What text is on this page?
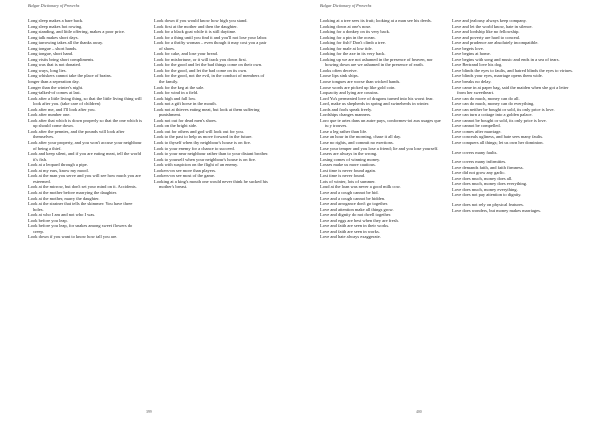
Bulgar Dictionary of Proverbs

Long sleep makes a bare back.

Long sleep makes hot rowing.

Long standing, and little offering, makes a poor price.

Long talk makes short days.

Long tarrowing takes all the thanks away.

Long tongue – short hands.

Long tongue, short hand.

Long visits bring short compliments.

Long was that is not donated.

Long ways, long lies.

Long whiskers cannot take the place of brains.

longer than a seperation day.

Longer than the winter's night.

Long-talked-of comes at last.

Look after a little living thing, so that the little living thing will look after you. (take care of children)

Look after me, and I'll look after you.

Look after number one.

Look after that which is down properly so that the one which is up should come down.

Look after the pennies, and the pounds will look after themselves.

Look after your property, and you won't accuse your neighbour of being a thief.

Look and keep silent, and if you are eating meat, tell the world it's fish.

Look at a leopard through a pipe.

Look at my ears, know my mood.

Look at the man you serve and you will see how much you are esteemed.

Look at the mirrow, but don't set your mind on it. Accidents.

Look at the mother before marrying the daughter.

Look at the mother, marry the daughter.

Look at the strainer that tells the skimmer: You have three holes.

Look at who I am and not who I was.

Look before you leap.

Look before you leap, for snakes among sweet flowers do creep.

Look down if you want to know how tall you are.

Look down if you would know how high you stand.

Look first at the mother and then the daughter.

Look for a black goat while it is still daytime.

Look for a thing until you find it and you'll not lose your labor.

Look for a thrifty woman – even though it may cost you a pair of shoes.

Look for cake, and lose your bread.

Look for misfortune, or it will track you down first.

Look for the good and let the bad things come on their own.

Look for the good, and let the bad come on its own.

Look for the good, not the evil, in the conduct of members of the family.

Look for the keg at the sale.

Look for wind in a field.

Look high and fall low.

Look not a gift horse in the mouth.

Look not at thieves eating meat, but look at them suffering punishment.

Look not out for dead men's shoes.

Look on the bright side.

Look out for others and god will look out for you.

Look to the past to help us move forward in the future.

Look to thyself when thy neighbour's house is on fire.

Look to your enemy for a chance to succeed.

Look to your near neighbour rather than to your distant brother.

Look to yourself when your neighbour's house is on fire.

Look with suspicion on the flight of an enemy.

Lookers-on see more than players.

Lookers-on see most of the game.

Looking at a king's mouth one would never think he sucked his mother's breast.

399
Bulgar Dictionary of Proverbs

Looking at a tree sees its fruit; looking at a man see his deeds.

Looking down at one's nose.

Looking for a donkey on its very back.

Looking for a pin in the ocean.

Looking for fish? Don't climb a tree.

Looking for male at low tide.

Looking for the axe in its very back.

Looking up we are not ashamed in the presence of heaven, nor bowing down are we ashamed in the presence of earth.

Looks often deceive.

Loose lips sink ships.

Loose tongues are worse than wicked hands.

Loose words are picked up like gold coin.

Loquacity and lying are cousins.

Lord Yu's permeated love of dragons turned into his worst fear.

Lord, make us shepherds in spring and swineherds in winter.

Lords and fools speak freely.

Lordships changes manners.

Loro que te artes dans un autre pays, conformes-toi aux usages que tu y trouves.

Lose a leg rather than life.

Lose an hour in the morning, chase it all day.

Lose no rights, and commit no exertions.

Lose your temper and you lose a friend; lie and you lose yourself.

Losers are always in the wrong.

Losing comes of winning money.

Losses make us more cautious.

Lost time is never found again.

Lost time is never found.

Lots of winter, lots of summer.

Loud at the loan was never a good milk cow.

Love and a cough cannot be hid.

Love and a cough cannot be hidden.

Love and arrogance don't go together.

Love and attention make all things grow.

Love and dignity do not dwell together.

Love and eggs are best when they are fresh.

Love and faith are seen in their works.

Love and faith are seen in works.

Love and hate always exaggerate.

Love and jealousy always keep company.

Love and let the world know, hate in silence.

Love and lordship like no fellowship.

Love and poverty are hard to conceal.

Love and prudence are absolutely incompatible.

Love begets love.

Love begins at home.

Love begins with song and music and ends in a sea of tears.

Love Bertrand love his dog.

Love blinds the eyes to faults, and hatred blinds the eyes to virtues.

Love blinds your eyes, marriage opens them wide.

Love breaks no delay.

Love came in at paper bag, said the maiden when she got a letter from her sweetheart.

Love can do much, money can do all.

Love can do much, money can do everything.

Love can neither be bought or sold, its only price is love.

Love can turn a cottage into a golden palace.

Love cannot be bought or sold, its only price is love.

Love cannot be compelled.

Love comes after marriage.

Love conceals ugliness, and hate sees many faults.

Love conquers all things; let us own her dominion.

Love covers many faults.

Love covers many infirmities.

Love demands faith, and faith firmness.

Love did not grow any garlic.

Love does much, money does all.

Love does much, money does everything.

Love does much, money everything.

Love does not pay attention to dignity.

Love does not rely on physical features.

Love does wonders, but money makes marriages.

400
